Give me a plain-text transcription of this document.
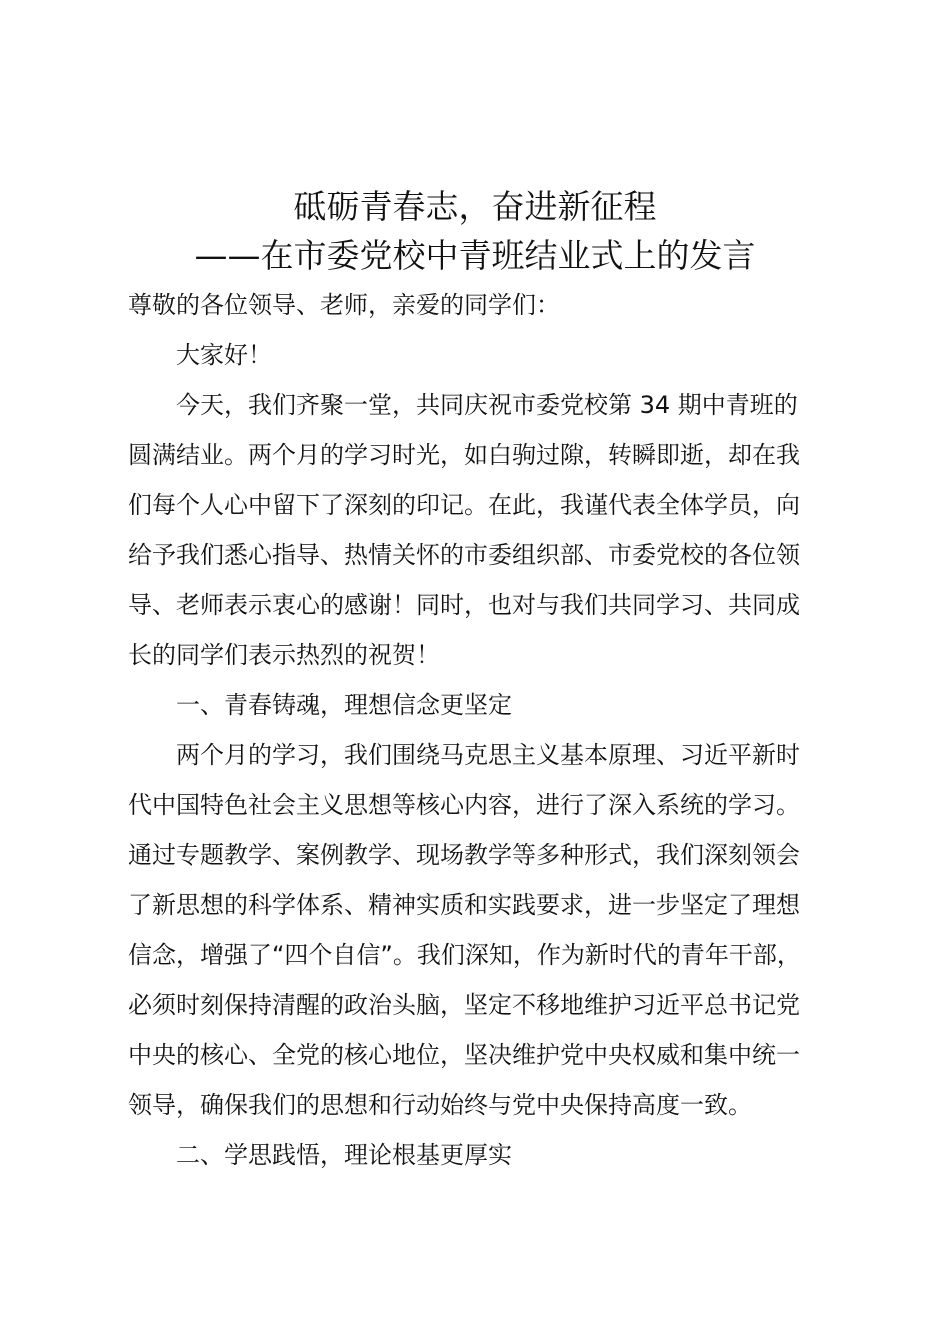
砥砺青春志，奋进新征程
——在市委党校中青班结业式上的发言
尊敬的各位领导、老师，亲爱的同学们：
大家好！
今天，我们齐聚一堂，共同庆祝市委党校第 34 期中青班的
圆满结业。两个月的学习时光，如白驹过隙，转瞬即逝，却在我
们每个人心中留下了深刻的印记。在此，我谨代表全体学员，向
给予我们悉心指导、热情关怀的市委组织部、市委党校的各位领
导、老师表示衷心的感谢！同时，也对与我们共同学习、共同成
长的同学们表示热烈的祝贺！
一、青春铸魂，理想信念更坚定
两个月的学习，我们围绕马克思主义基本原理、习近平新时
代中国特色社会主义思想等核心内容，进行了深入系统的学习。
通过专题教学、案例教学、现场教学等多种形式，我们深刻领会
了新思想的科学体系、精神实质和实践要求，进一步坚定了理想
信念，增强了“四个自信”。我们深知，作为新时代的青年干部，
必须时刻保持清醒的政治头脑，坚定不移地维护习近平总书记党
中央的核心、全党的核心地位，坚决维护党中央权威和集中统一
领导，确保我们的思想和行动始终与党中央保持高度一致。
二、学思践悟，理论根基更厚实
